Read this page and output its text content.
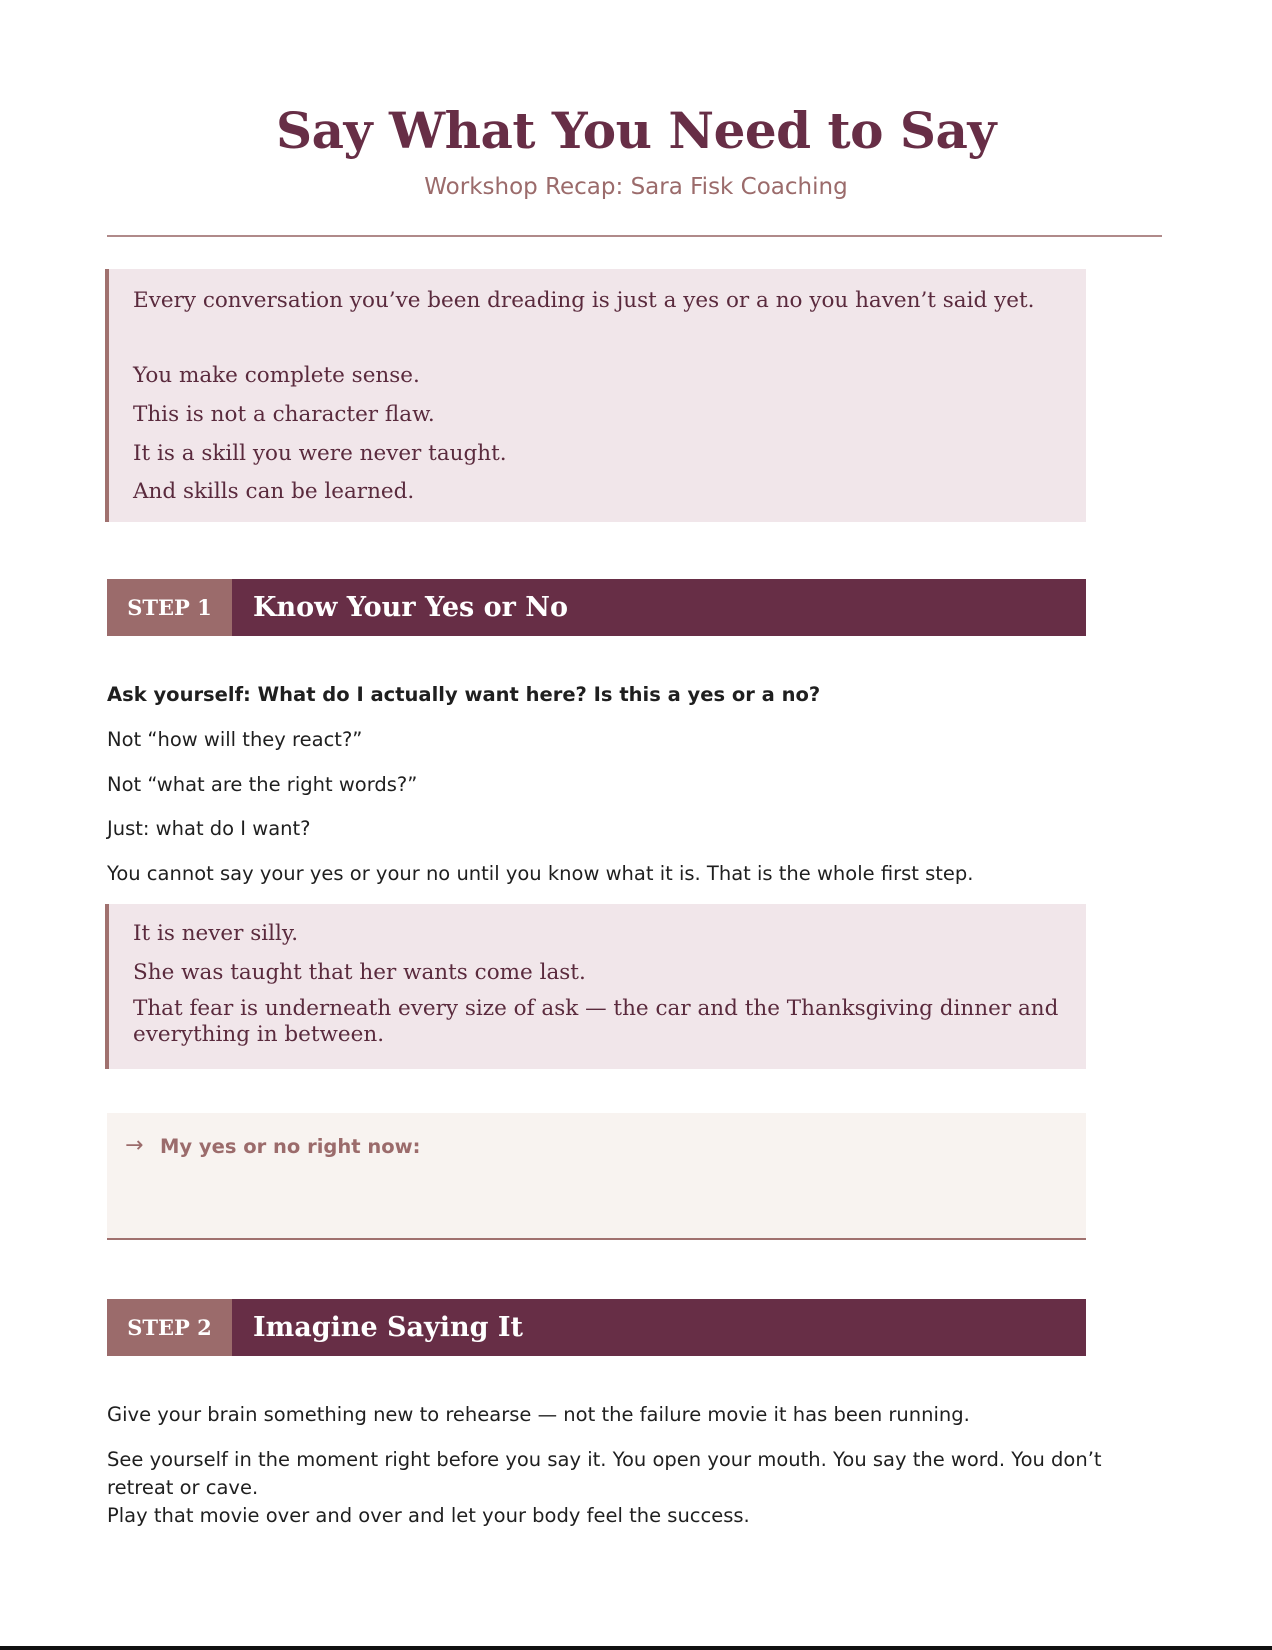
Say What You Need to Say

Workshop Recap: Sara Fisk Coaching

Every conversation you’ve been dreading is just a yes or a no you haven’t said yet.

You make complete sense.

This is not a character flaw.

It is a skill you were never taught.

And skills can be learned.

STEP 1	Know Your Yes or No

Ask yourself: What do I actually want here? Is this a yes or a no?

Not “how will they react?”

Not “what are the right words?”

Just: what do I want?

You cannot say your yes or your no until you know what it is. That is the whole first step.

It is never silly.

She was taught that her wants come last.

That fear is underneath every size of ask — the car and the Thanksgiving dinner and everything in between.

→ My yes or no right now:
STEP 2	Imagine Saying It

Give your brain something new to rehearse — not the failure movie it has been running.

See yourself in the moment right before you say it. You open your mouth. You say the word. You don’t retreat or cave.

Play that movie over and over and let your body feel the success.
